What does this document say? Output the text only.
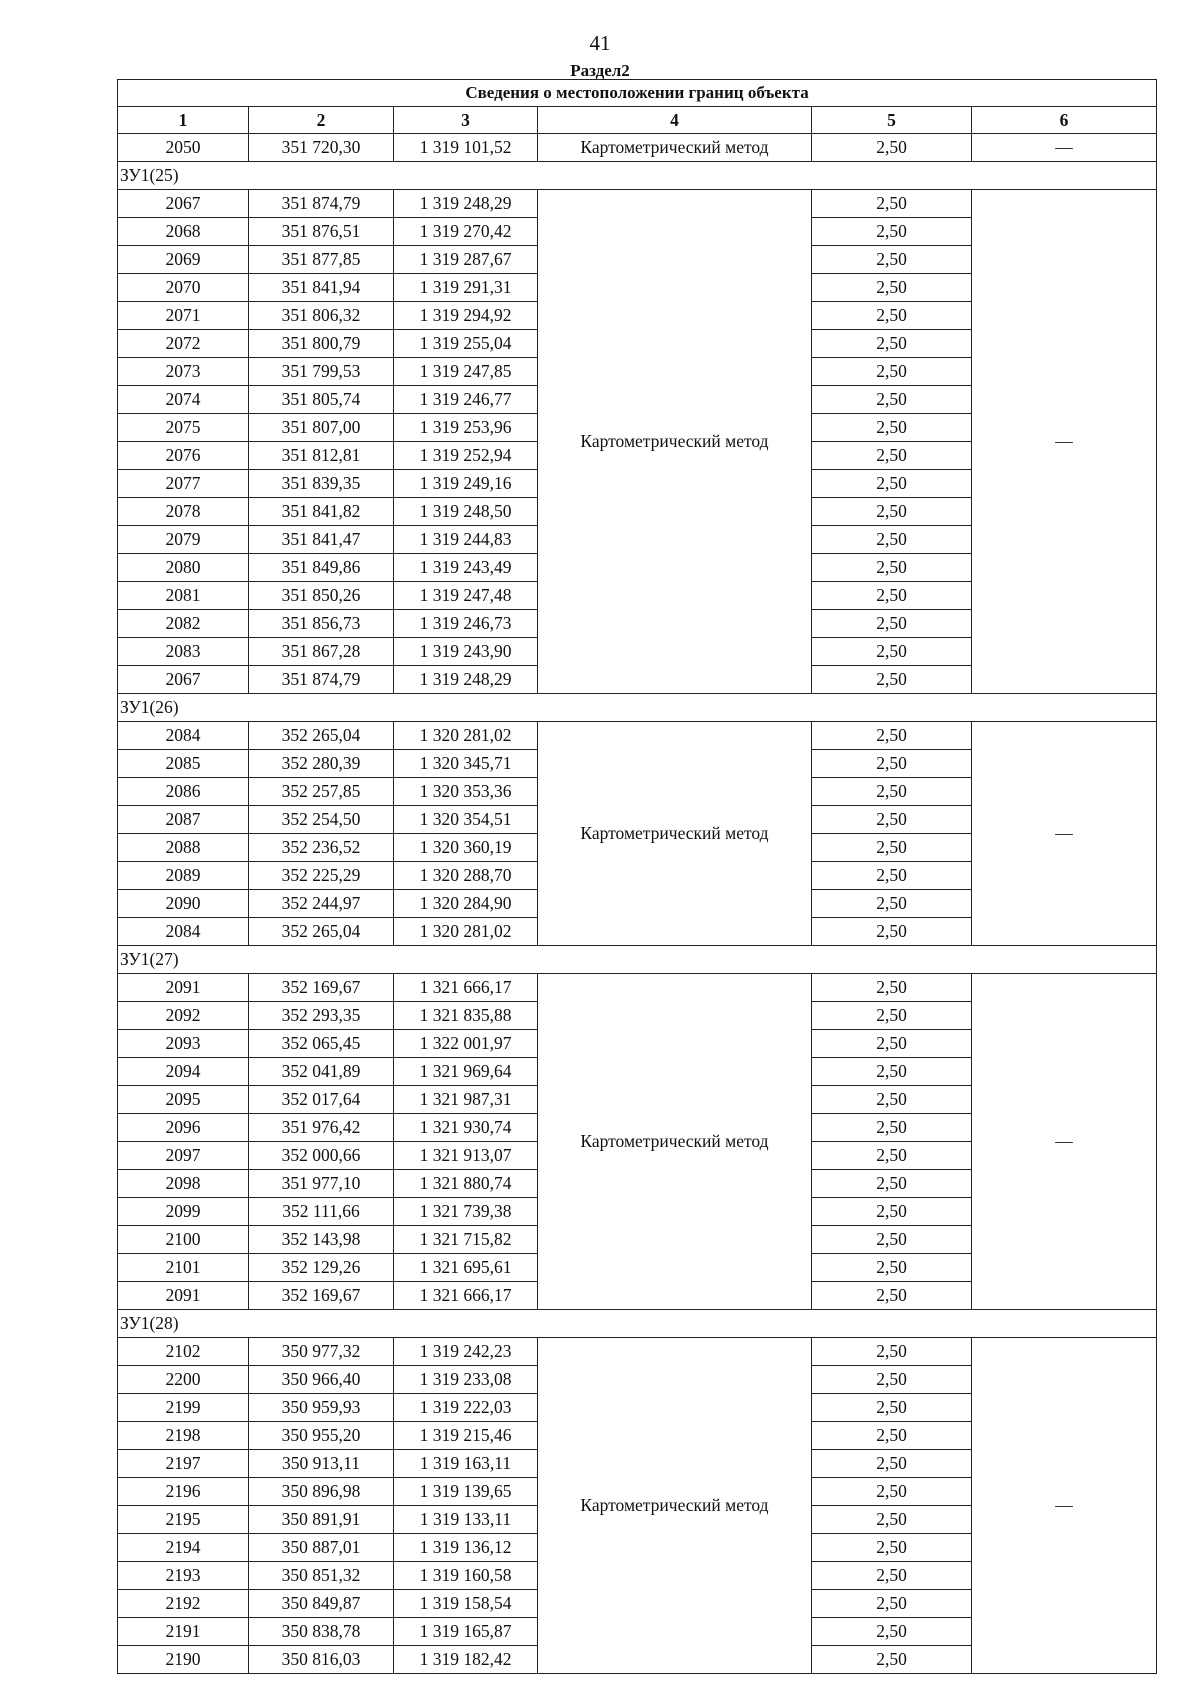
41
Раздел2
Сведения о местоположении границ объекта					
1	2	3	4	5	6
2050	351 720,30	1 319 101,52	Картометрический метод	2,50	—
ЗУ1(25)					
2067	351 874,79	1 319 248,29	Картометрический метод	2,50	—
2068	351 876,51	1 319 270,42		2,50	
2069	351 877,85	1 319 287,67		2,50	
2070	351 841,94	1 319 291,31		2,50	
2071	351 806,32	1 319 294,92		2,50	
2072	351 800,79	1 319 255,04		2,50	
2073	351 799,53	1 319 247,85		2,50	
2074	351 805,74	1 319 246,77		2,50	
2075	351 807,00	1 319 253,96		2,50	
2076	351 812,81	1 319 252,94		2,50	
2077	351 839,35	1 319 249,16		2,50	
2078	351 841,82	1 319 248,50		2,50	
2079	351 841,47	1 319 244,83		2,50	
2080	351 849,86	1 319 243,49		2,50	
2081	351 850,26	1 319 247,48		2,50	
2082	351 856,73	1 319 246,73		2,50	
2083	351 867,28	1 319 243,90		2,50	
2067	351 874,79	1 319 248,29		2,50	
ЗУ1(26)					
2084	352 265,04	1 320 281,02	Картометрический метод	2,50	—
2085	352 280,39	1 320 345,71		2,50	
2086	352 257,85	1 320 353,36		2,50	
2087	352 254,50	1 320 354,51		2,50	
2088	352 236,52	1 320 360,19		2,50	
2089	352 225,29	1 320 288,70		2,50	
2090	352 244,97	1 320 284,90		2,50	
2084	352 265,04	1 320 281,02		2,50	
ЗУ1(27)					
2091	352 169,67	1 321 666,17	Картометрический метод	2,50	—
2092	352 293,35	1 321 835,88		2,50	
2093	352 065,45	1 322 001,97		2,50	
2094	352 041,89	1 321 969,64		2,50	
2095	352 017,64	1 321 987,31		2,50	
2096	351 976,42	1 321 930,74		2,50	
2097	352 000,66	1 321 913,07		2,50	
2098	351 977,10	1 321 880,74		2,50	
2099	352 111,66	1 321 739,38		2,50	
2100	352 143,98	1 321 715,82		2,50	
2101	352 129,26	1 321 695,61		2,50	
2091	352 169,67	1 321 666,17		2,50	
ЗУ1(28)					
2102	350 977,32	1 319 242,23	Картометрический метод	2,50	—
2200	350 966,40	1 319 233,08		2,50	
2199	350 959,93	1 319 222,03		2,50	
2198	350 955,20	1 319 215,46		2,50	
2197	350 913,11	1 319 163,11		2,50	
2196	350 896,98	1 319 139,65		2,50	
2195	350 891,91	1 319 133,11		2,50	
2194	350 887,01	1 319 136,12		2,50	
2193	350 851,32	1 319 160,58		2,50	
2192	350 849,87	1 319 158,54		2,50	
2191	350 838,78	1 319 165,87		2,50	
2190	350 816,03	1 319 182,42		2,50	
